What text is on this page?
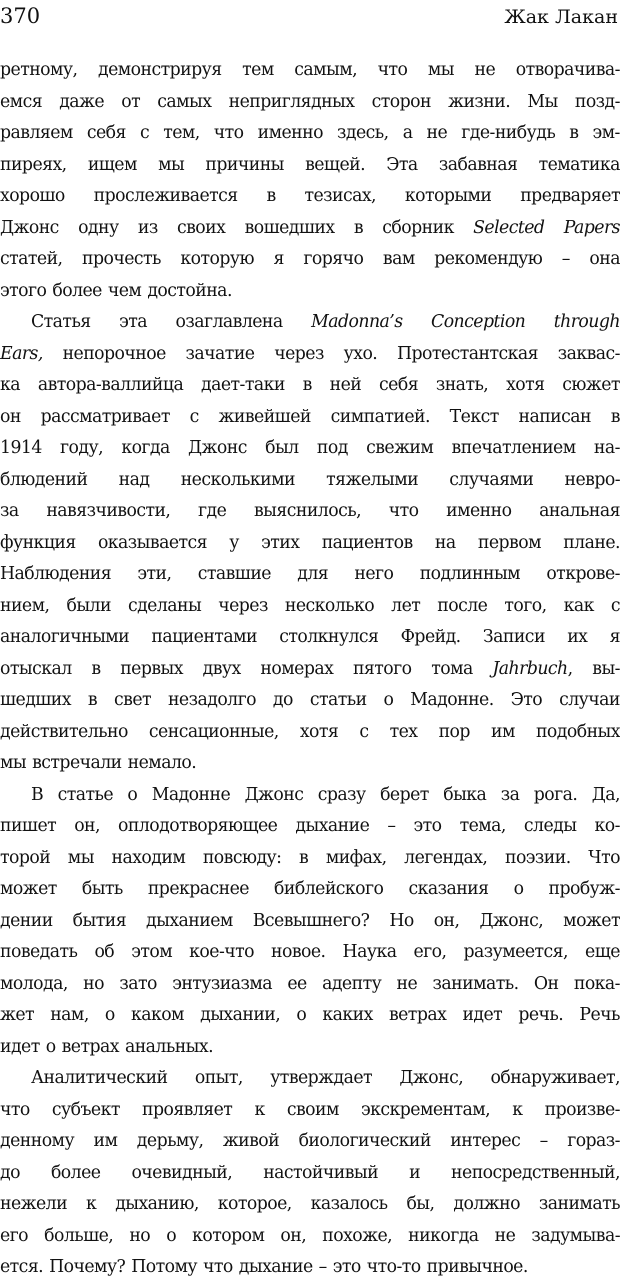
370	Жак Лакан
ретному, демонстрируя тем самым, что мы не отворачива-
емся даже от самых неприглядных сторон жизни. Мы позд-
равляем себя с тем, что именно здесь, а не где-нибудь в эм-
пиреях, ищем мы причины вещей. Эта забавная тематика
хорошо прослеживается в тезисах, которыми предваряет
Джонс одну из своих вошедших в сборник Selected Papers
статей, прочесть которую я горячо вам рекомендую – она
этого более чем достойна.
Статья эта озаглавлена Madonna’s Conception through
Ears, непорочное зачатие через ухо. Протестантская заквас-
ка автора-валлийца дает-таки в ней себя знать, хотя сюжет
он рассматривает с живейшей симпатией. Текст написан в
1914 году, когда Джонс был под свежим впечатлением на-
блюдений над несколькими тяжелыми случаями невро-
за навязчивости, где выяснилось, что именно анальная
функция оказывается у этих пациентов на первом плане.
Наблюдения эти, ставшие для него подлинным открове-
нием, были сделаны через несколько лет после того, как с
аналогичными пациентами столкнулся Фрейд. Записи их я
отыскал в первых двух номерах пятого тома Jahrbuch, вы-
шедших в свет незадолго до статьи о Мадонне. Это случаи
действительно сенсационные, хотя с тех пор им подобных
мы встречали немало.
В статье о Мадонне Джонс сразу берет быка за рога. Да,
пишет он, оплодотворяющее дыхание – это тема, следы ко-
торой мы находим повсюду: в мифах, легендах, поэзии. Что
может быть прекраснее библейского сказания о пробуж-
дении бытия дыханием Всевышнего? Но он, Джонс, может
поведать об этом кое-что новое. Наука его, разумеется, еще
молода, но зато энтузиазма ее адепту не занимать. Он пока-
жет нам, о каком дыхании, о каких ветрах идет речь. Речь
идет о ветрах анальных.
Аналитический опыт, утверждает Джонс, обнаруживает,
что субъект проявляет к своим экскрементам, к произве-
денному им дерьму, живой биологический интерес – горaз-
до более очевидный, настойчивый и непосредственный,
нежели к дыханию, которое, казалось бы, должно занимать
его больше, но о котором он, похоже, никогда не задумыва-
ется. Почему? Потому что дыхание – это что-то привычное.
